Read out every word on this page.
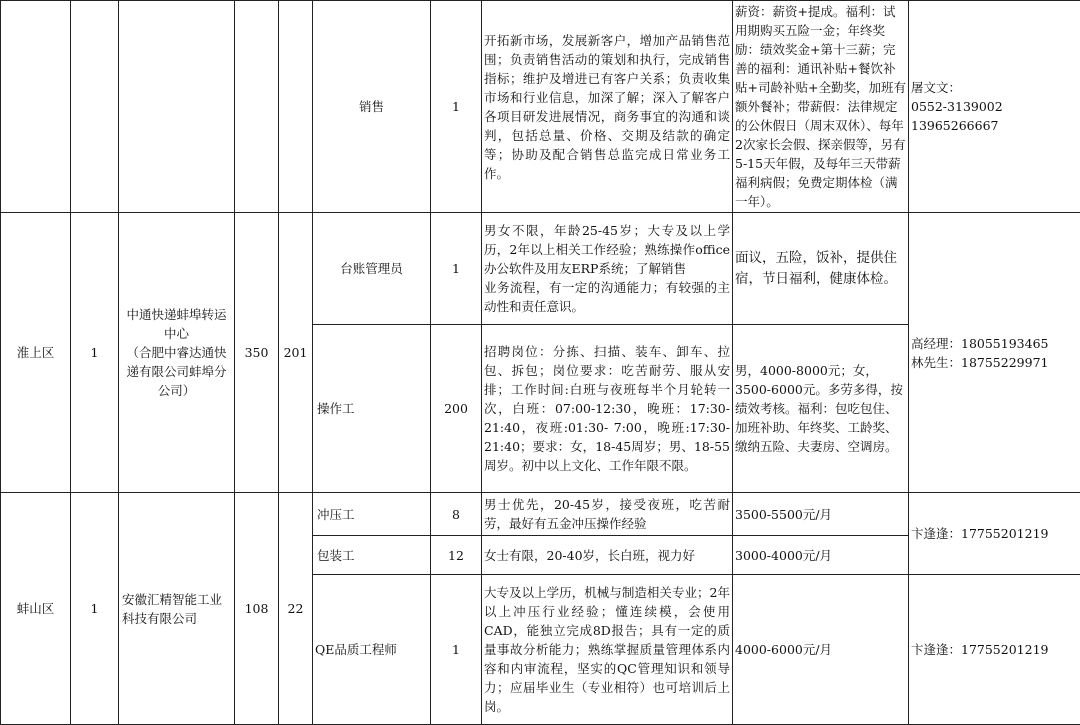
					销售	1	开拓新市场，发展新客户，增加产品销售范围；负责销售活动的策划和执行，完成销售指标；维护及增进已有客户关系；负责收集市场和行业信息，加深了解；深入了解客户各项目研发进展情况，商务事宜的沟通和谈判，包括总量、价格、交期及结款的确定等；协助及配合销售总监完成日常业务工作。	薪资：薪资+提成。福利：试用期购买五险一金；年终奖励：绩效奖金+第十三薪；完善的福利：通讯补贴+餐饮补贴+司龄补贴+全勤奖，加班有额外餐补；带薪假：法律规定的公休假日（周末双休）、每年2次家长会假、探亲假等，另有5-15天年假，及每年三天带薪福利病假；免费定期体检（满一年）。	屠文文：
0552-3139002
13965266667
淮上区	1	中通快递蚌埠转运中心
（合肥中睿达通快递有限公司蚌埠分公司）	350	201	台账管理员	1	男女不限，年龄25-45岁；大专及以上学历，2年以上相关工作经验；熟练操作office办公软件及用友ERP系统；了解销售
业务流程，有一定的沟通能力；有较强的主动性和责任意识。	面议，五险，饭补，提供住宿，节日福利，健康体检。	高经理：18055193465
林先生：18755229971
					操作工	200	招聘岗位：分拣、扫描、装车、卸车、拉包、拆包；岗位要求：吃苦耐劳、服从安排；工作时间:白班与夜班每半个月轮转一次，白班：07:00-12:30，晚班：17:30-21:40，夜班:01:30- 7:00，晚班:17:30-21:40；要求：女，18-45周岁；男、18-55周岁。初中以上文化、工作年限不限。	男，4000-8000元；女，3500-6000元。多劳多得，按绩效考核。福利：包吃包住、加班补助、年终奖、工龄奖、缴纳五险、夫妻房、空调房。	
蚌山区	1	安徽汇精智能工业科技有限公司	108	22	冲压工	8	男士优先，20-45岁，接受夜班，吃苦耐劳，最好有五金冲压操作经验	3500-5500元/月	卞逢逢：17755201219
					包装工	12	女士有限，20-40岁，长白班，视力好	3000-4000元/月	
					QE品质工程师	1	大专及以上学历，机械与制造相关专业；2年以上冲压行业经验；懂连续模，会使用CAD，能独立完成8D报告；具有一定的质量事故分析能力；熟练掌握质量管理体系内容和内审流程，坚实的QC管理知识和领导力；应届毕业生（专业相符）也可培训后上岗。	4000-6000元/月	卞逢逢：17755201219
